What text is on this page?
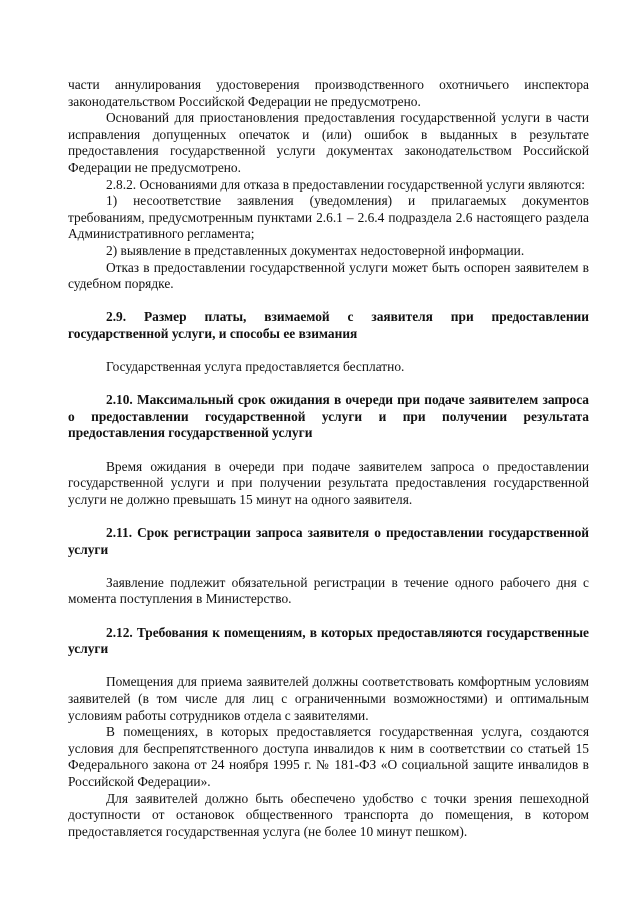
части аннулирования удостоверения производственного охотничьего инспектора законодательством Российской Федерации не предусмотрено.

Оснований для приостановления предоставления государственной услуги в части исправления допущенных опечаток и (или) ошибок в выданных в результате предоставления государственной услуги документах законодательством Российской Федерации не предусмотрено.

2.8.2. Основаниями для отказа в предоставлении государственной услуги являются:

1) несоответствие заявления (уведомления) и прилагаемых документов требованиям, предусмотренным пунктами 2.6.1 – 2.6.4 подраздела 2.6 настоящего раздела Административного регламента;

2) выявление в представленных документах недостоверной информации.

Отказ в предоставлении государственной услуги может быть оспорен заявителем в судебном порядке.

2.9. Размер платы, взимаемой с заявителя при предоставлении государственной услуги, и способы ее взимания

Государственная услуга предоставляется бесплатно.

2.10. Максимальный срок ожидания в очереди при подаче заявителем запроса о предоставлении государственной услуги и при получении результата предоставления государственной услуги

Время ожидания в очереди при подаче заявителем запроса о предоставлении государственной услуги и при получении результата предоставления государственной услуги не должно превышать 15 минут на одного заявителя.

2.11. Срок регистрации запроса заявителя о предоставлении государственной услуги

Заявление подлежит обязательной регистрации в течение одного рабочего дня с момента поступления в Министерство.

2.12. Требования к помещениям, в которых предоставляются государственные услуги

Помещения для приема заявителей должны соответствовать комфортным условиям заявителей (в том числе для лиц с ограниченными возможностями) и оптимальным условиям работы сотрудников отдела с заявителями.

В помещениях, в которых предоставляется государственная услуга, создаются условия для беспрепятственного доступа инвалидов к ним в соответствии со статьей 15 Федерального закона от 24 ноября 1995 г. № 181-ФЗ «О социальной защите инвалидов в Российской Федерации».

Для заявителей должно быть обеспечено удобство с точки зрения пешеходной доступности от остановок общественного транспорта до помещения, в котором предоставляется государственная услуга (не более 10 минут пешком).
